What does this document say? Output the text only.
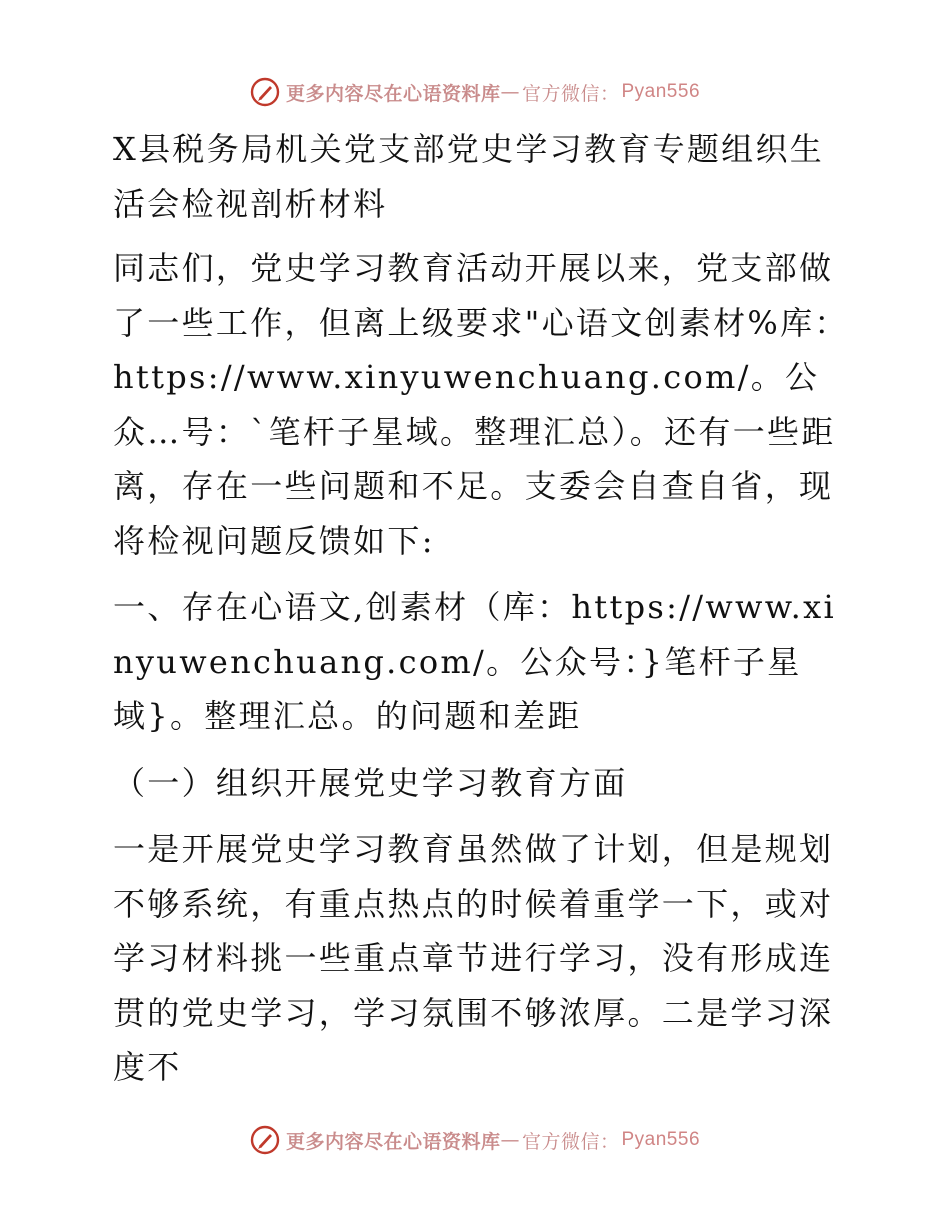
更多内容尽在心语资料库 — 官方微信： Pyan556

X县税务局机关党支部党史学习教育专题组织生活会检视剖析材料

同志们，党史学习教育活动开展以来，党支部做了一些工作，但离上级要求"心语文创素材%库：https://www.xinyuwenchuang.com/。公众…号：`笔杆子星域。整理汇总）。还有一些距离，存在一些问题和不足。支委会自查自省，现将检视问题反馈如下:

一、存在心语文,创素材（库：https://www.xinyuwenchuang.com/。公众号：}笔杆子星域}。整理汇总。的问题和差距

（一）组织开展党史学习教育方面

一是开展党史学习教育虽然做了计划，但是规划不够系统，有重点热点的时候着重学一下，或对学习材料挑一些重点章节进行学习，没有形成连贯的党史学习，学习氛围不够浓厚。二是学习深度不

更多内容尽在心语资料库 — 官方微信： Pyan556
